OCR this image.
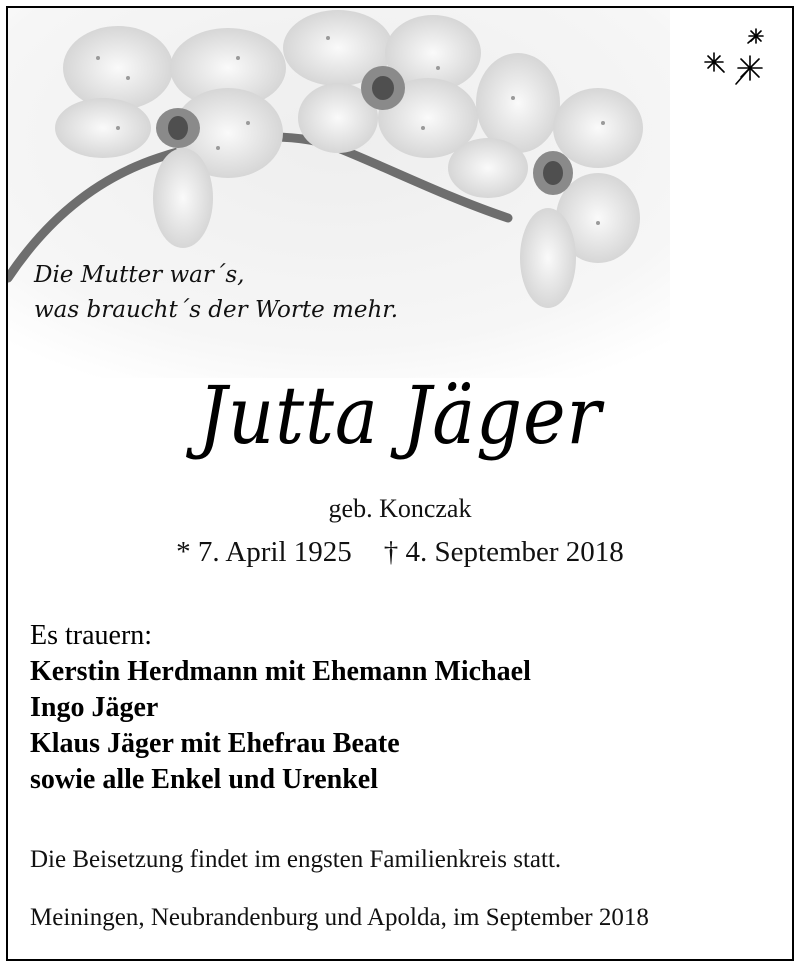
Die Mutter war´s,
was braucht´s der Worte mehr.
Jutta Jäger
geb. Konczak
* 7. April 1925 † 4. September 2018
Es trauern:
Kerstin Herdmann mit Ehemann Michael
Ingo Jäger
Klaus Jäger mit Ehefrau Beate
sowie alle Enkel und Urenkel
Die Beisetzung findet im engsten Familienkreis statt.
Meiningen, Neubrandenburg und Apolda, im September 2018
